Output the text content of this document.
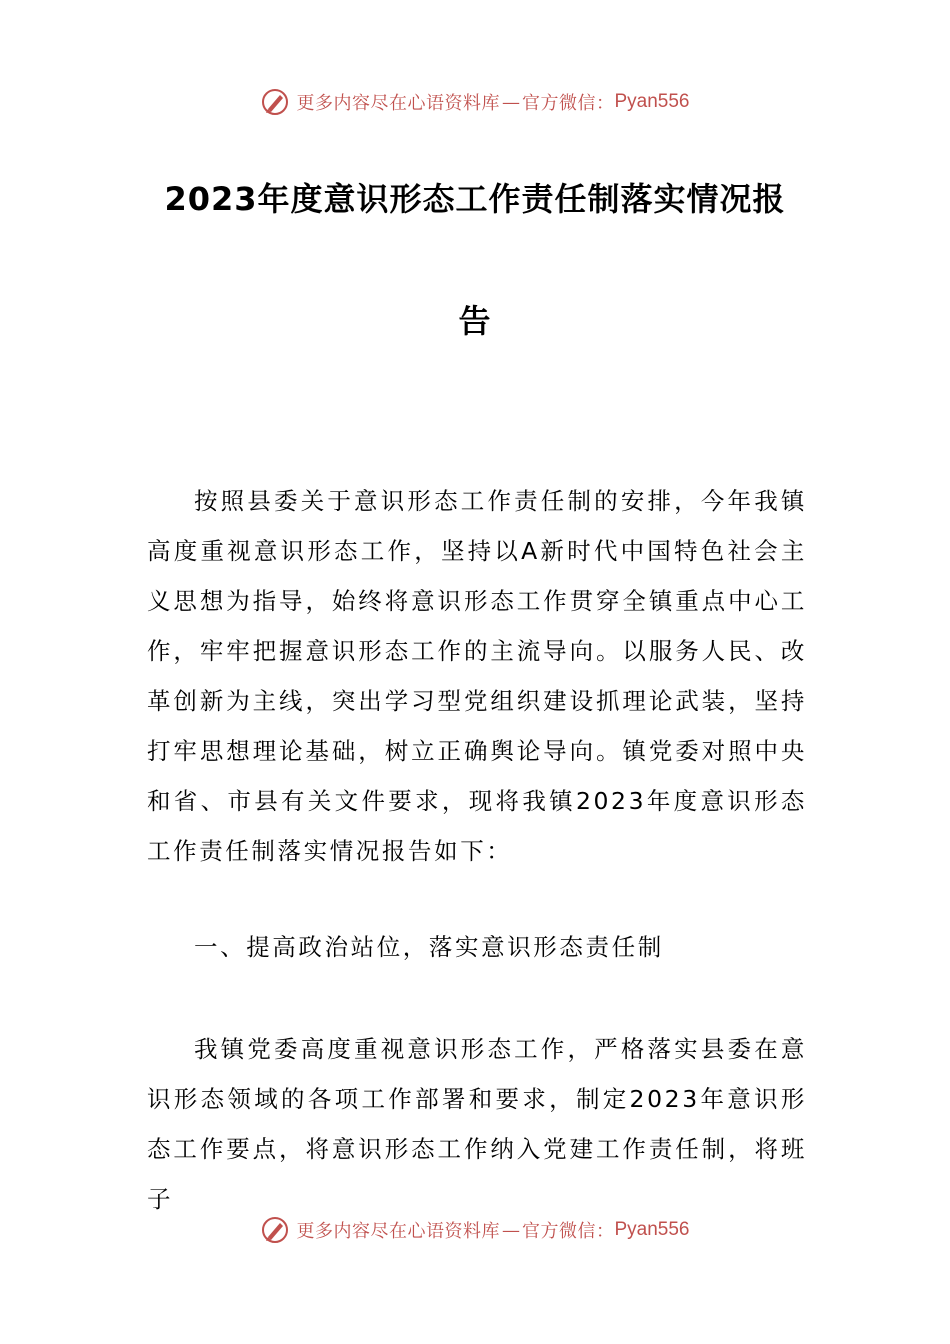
更多内容尽在心语资料库 — 官方微信： Pyan556
2023年度意识形态工作责任制落实情况报
告

按照县委关于意识形态工作责任制的安排，今年我镇高度重视意识形态工作，坚持以A新时代中国特色社会主义思想为指导，始终将意识形态工作贯穿全镇重点中心工作，牢牢把握意识形态工作的主流导向。以服务人民、改革创新为主线，突出学习型党组织建设抓理论武装，坚持打牢思想理论基础，树立正确舆论导向。镇党委对照中央和省、市县有关文件要求，现将我镇2023年度意识形态工作责任制落实情况报告如下：

一、提高政治站位，落实意识形态责任制

我镇党委高度重视意识形态工作，严格落实县委在意识形态领域的各项工作部署和要求，制定2023年意识形态工作要点，将意识形态工作纳入党建工作责任制，将班子

更多内容尽在心语资料库 — 官方微信： Pyan556
